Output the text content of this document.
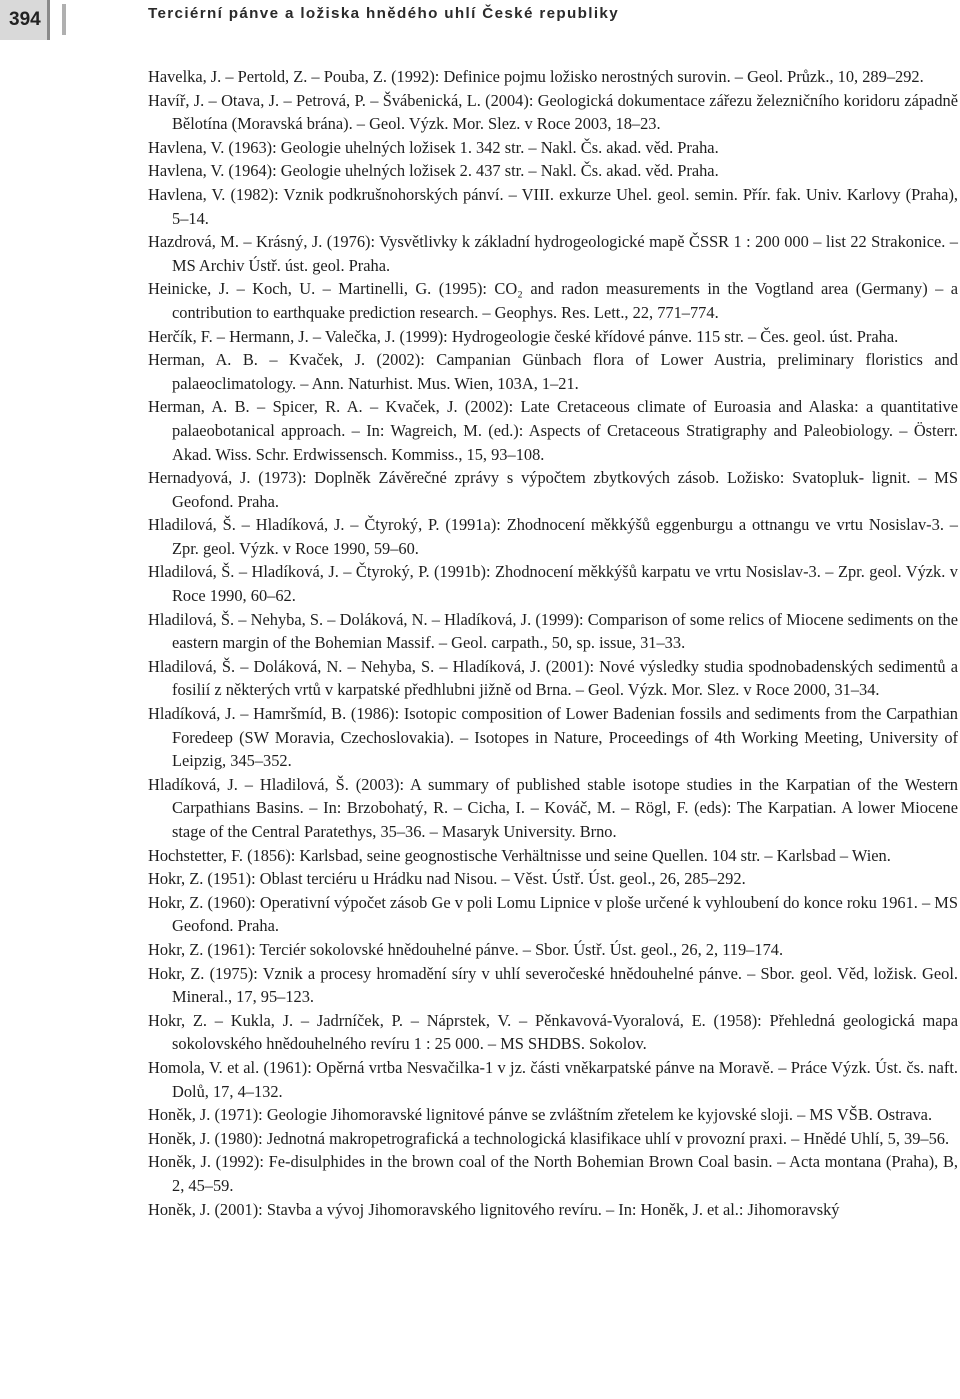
394	Terciérní pánve a ložiska hnědého uhlí České republiky

Havelka, J. – Pertold, Z. – Pouba, Z. (1992): Definice pojmu ložisko nerostných surovin. – Geol. Průzk., 10, 289–292.

Havíř, J. – Otava, J. – Petrová, P. – Švábenická, L. (2004): Geologická dokumentace zářezu železničního koridoru západně Bělotína (Moravská brána). – Geol. Výzk. Mor. Slez. v Roce 2003, 18–23.

Havlena, V. (1963): Geologie uhelných ložisek 1. 342 str. – Nakl. Čs. akad. věd. Praha.

Havlena, V. (1964): Geologie uhelných ložisek 2. 437 str. – Nakl. Čs. akad. věd. Praha.

Havlena, V. (1982): Vznik podkrušnohorských pánví. – VIII. exkurze Uhel. geol. semin. Přír. fak. Univ. Karlovy (Praha), 5–14.

Hazdrová, M. – Krásný, J. (1976): Vysvětlivky k základní hydrogeologické mapě ČSSR 1 : 200 000 – list 22 Strakonice. – MS Archiv Ústř. úst. geol. Praha.

Heinicke, J. – Koch, U. – Martinelli, G. (1995): CO₂ and radon measurements in the Vogtland area (Germany) – a contribution to earthquake prediction research. – Geophys. Res. Lett., 22, 771–774.

Herčík, F. – Hermann, J. – Valečka, J. (1999): Hydrogeologie české křídové pánve. 115 str. – Čes. geol. úst. Praha.

Herman, A. B. – Kvaček, J. (2002): Campanian Günbach flora of Lower Austria, preliminary floristics and palaeoclimatology. – Ann. Naturhist. Mus. Wien, 103A, 1–21.

Herman, A. B. – Spicer, R. A. – Kvaček, J. (2002): Late Cretaceous climate of Euroasia and Alaska: a quantitative palaeobotanical approach. – In: Wagreich, M. (ed.): Aspects of Cretaceous Stratigraphy and Paleobiology. – Österr. Akad. Wiss. Schr. Erdwissensch. Kommiss., 15, 93–108.

Hernadyová, J. (1973): Doplněk Závěrečné zprávy s výpočtem zbytkových zásob. Ložisko: Svatopluk- lignit. – MS Geofond. Praha.

Hladilová, Š. – Hladíková, J. – Čtyroký, P. (1991a): Zhodnocení měkkýšů eggenburgu a ottnangu ve vrtu Nosislav-3. – Zpr. geol. Výzk. v Roce 1990, 59–60.

Hladilová, Š. – Hladíková, J. – Čtyroký, P. (1991b): Zhodnocení měkkýšů karpatu ve vrtu Nosislav-3. – Zpr. geol. Výzk. v Roce 1990, 60–62.

Hladilová, Š. – Nehyba, S. – Doláková, N. – Hladíková, J. (1999): Comparison of some relics of Miocene sediments on the eastern margin of the Bohemian Massif. – Geol. carpath., 50, sp. issue, 31–33.

Hladilová, Š. – Doláková, N. – Nehyba, S. – Hladíková, J. (2001): Nové výsledky studia spodnobadenských sedimentů a fosilií z některých vrtů v karpatské předhlubni jižně od Brna. – Geol. Výzk. Mor. Slez. v Roce 2000, 31–34.

Hladíková, J. – Hamršmíd, B. (1986): Isotopic composition of Lower Badenian fossils and sediments from the Carpathian Foredeep (SW Moravia, Czechoslovakia). – Isotopes in Nature, Proceedings of 4th Working Meeting, University of Leipzig, 345–352.

Hladíková, J. – Hladilová, Š. (2003): A summary of published stable isotope studies in the Karpatian of the Western Carpathians Basins. – In: Brzobohatý, R. – Cicha, I. – Kováč, M. – Rögl, F. (eds): The Karpatian. A lower Miocene stage of the Central Paratethys, 35–36. – Masaryk University. Brno.

Hochstetter, F. (1856): Karlsbad, seine geognostische Verhältnisse und seine Quellen. 104 str. – Karlsbad – Wien.

Hokr, Z. (1951): Oblast terciéru u Hrádku nad Nisou. – Věst. Ústř. Úst. geol., 26, 285–292.

Hokr, Z. (1960): Operativní výpočet zásob Ge v poli Lomu Lipnice v ploše určené k vyhloubení do konce roku 1961. – MS Geofond. Praha.

Hokr, Z. (1961): Terciér sokolovské hnědouhelné pánve. – Sbor. Ústř. Úst. geol., 26, 2, 119–174.

Hokr, Z. (1975): Vznik a procesy hromadění síry v uhlí severočeské hnědouhelné pánve. – Sbor. geol. Věd, ložisk. Geol. Mineral., 17, 95–123.

Hokr, Z. – Kukla, J. – Jadrníček, P. – Náprstek, V. – Pěnkavová-Vyoralová, E. (1958): Přehledná geologická mapa sokolovského hnědouhelného revíru 1 : 25 000. – MS SHDBS. Sokolov.

Homola, V. et al. (1961): Opěrná vrtba Nesvačilka-1 v jz. části vněkarpatské pánve na Moravě. – Práce Výzk. Úst. čs. naft. Dolů, 17, 4–132.

Honěk, J. (1971): Geologie Jihomoravské lignitové pánve se zvláštním zřetelem ke kyjovské sloji. – MS VŠB. Ostrava.

Honěk, J. (1980): Jednotná makropetrografická a technologická klasifikace uhlí v provozní praxi. – Hnědé Uhlí, 5, 39–56.

Honěk, J. (1992): Fe-disulphides in the brown coal of the North Bohemian Brown Coal basin. – Acta montana (Praha), B, 2, 45–59.

Honěk, J. (2001): Stavba a vývoj Jihomoravského lignitového revíru. – In: Honěk, J. et al.: Jihomoravský
